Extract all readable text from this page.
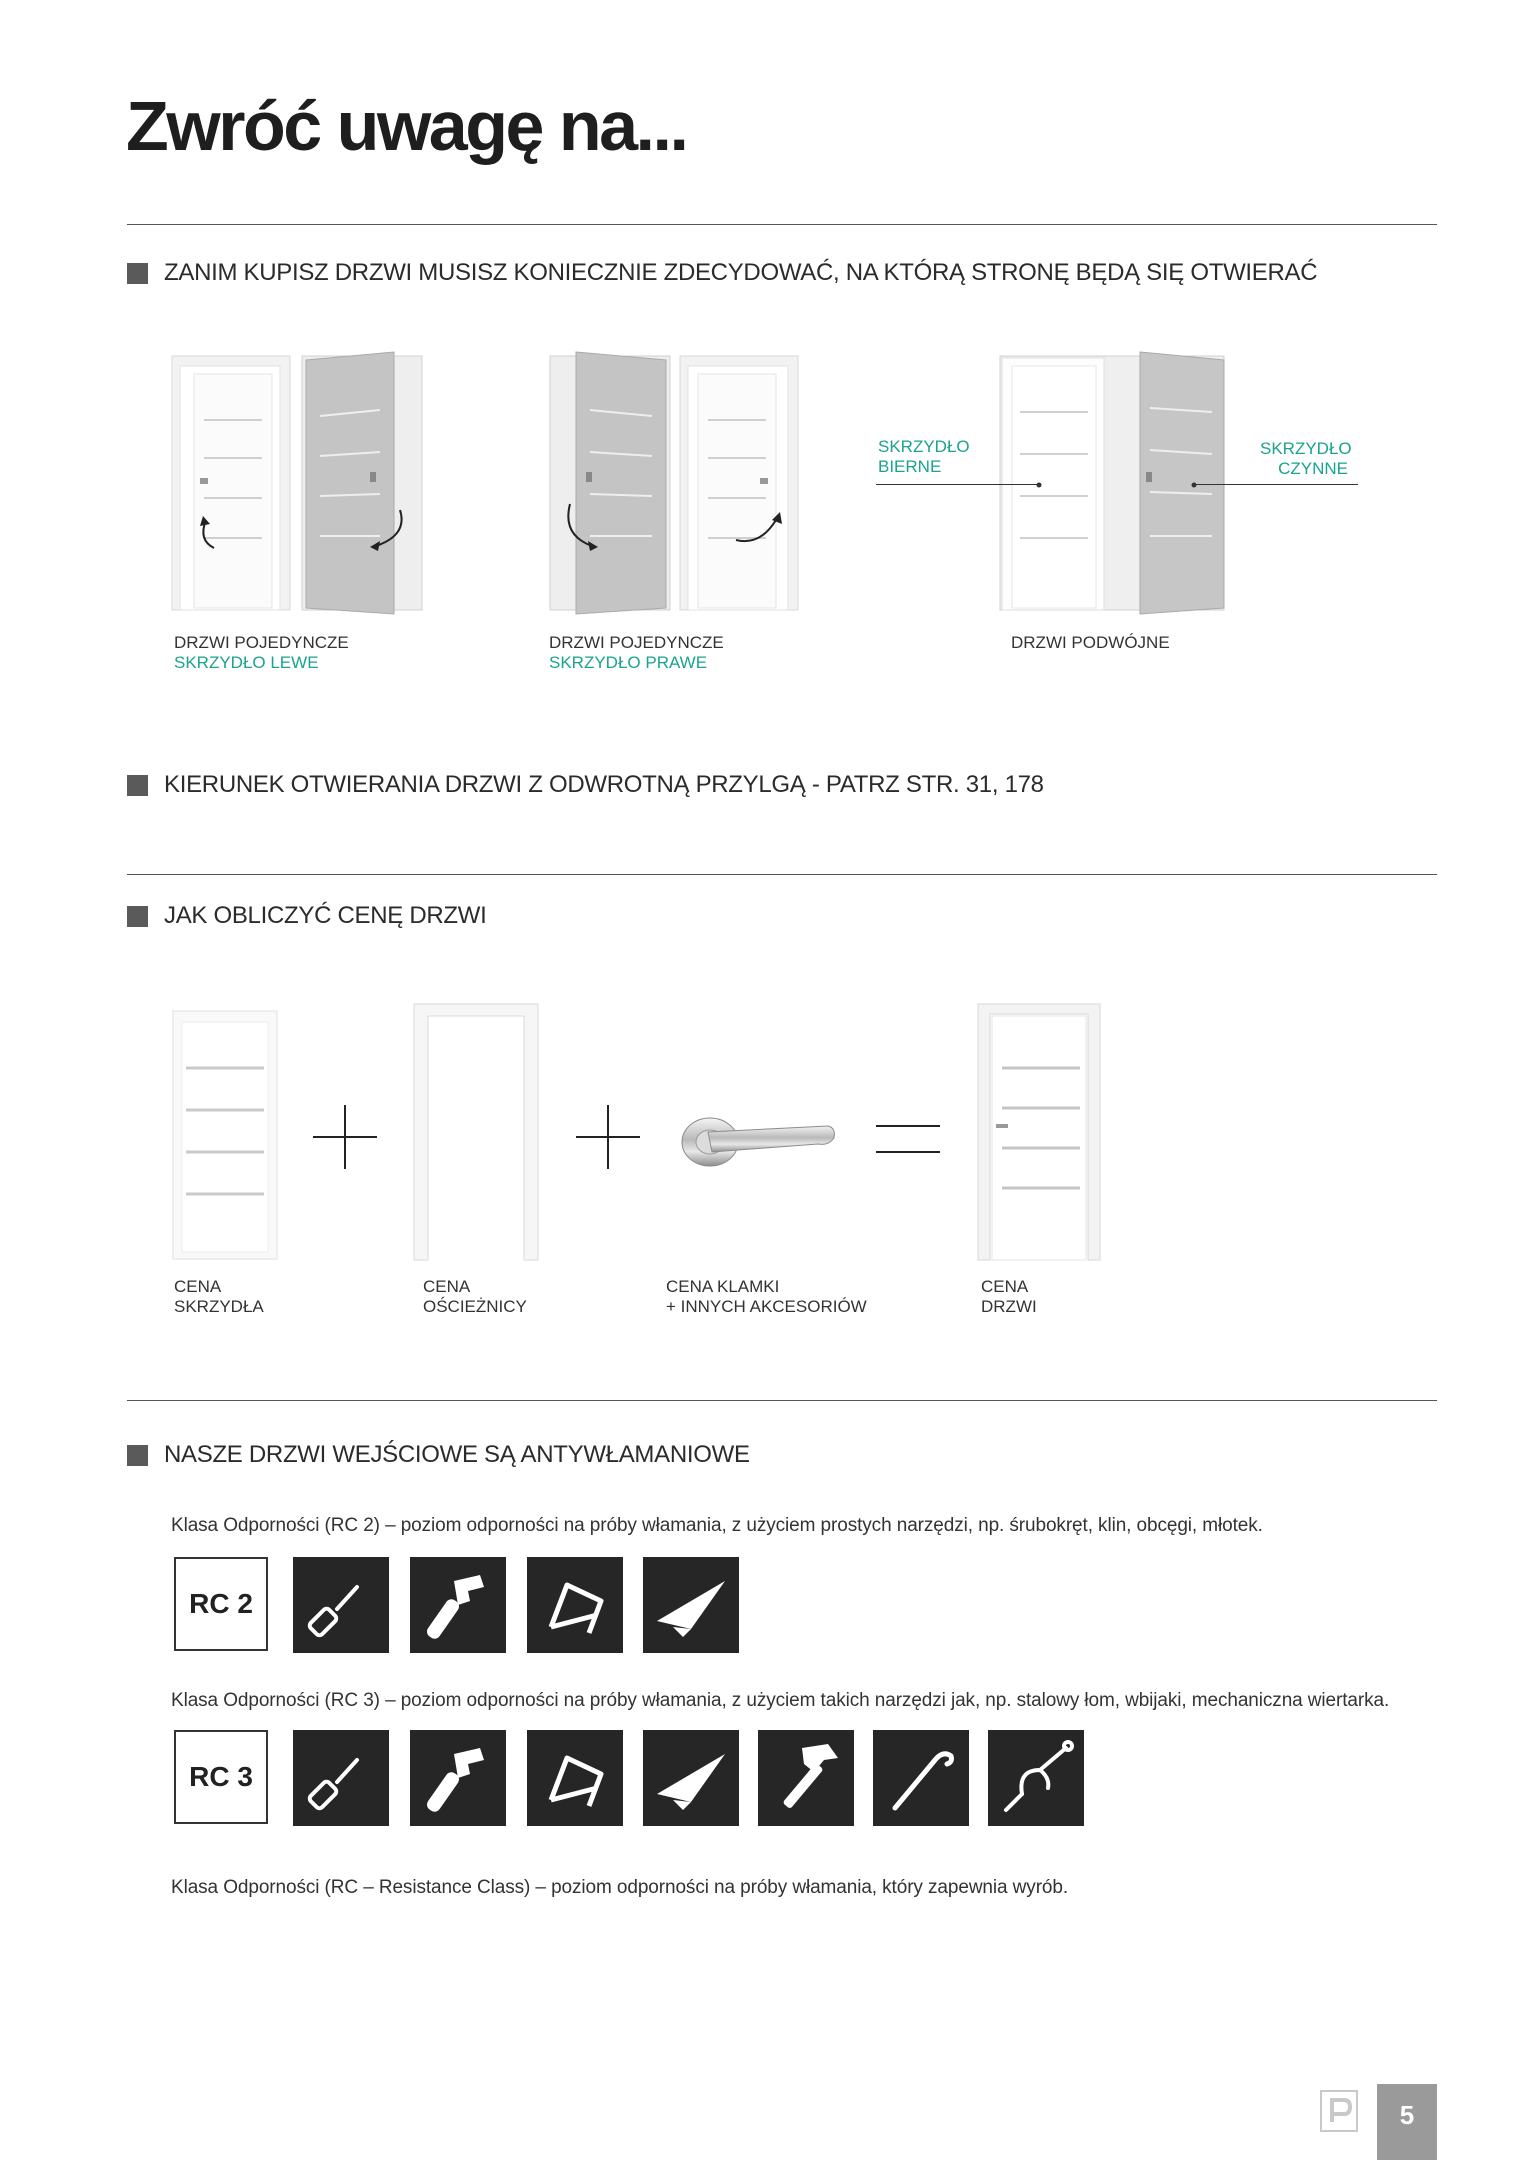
Zwróć uwagę na...
ZANIM KUPISZ DRZWI MUSISZ KONIECZNIE ZDECYDOWAĆ, NA KTÓRĄ STRONĘ BĘDĄ SIĘ OTWIERAĆ
SKRZYDŁO
BIERNE
SKRZYDŁO
CZYNNE
DRZWI POJEDYNCZE
SKRZYDŁO LEWE
DRZWI POJEDYNCZE
SKRZYDŁO PRAWE
DRZWI PODWÓJNE
KIERUNEK OTWIERANIA DRZWI Z ODWROTNĄ PRZYLGĄ - PATRZ STR. 31, 178
JAK OBLICZYĆ CENĘ DRZWI
CENA
SKRZYDŁA
CENA
OŚCIEŻNICY
CENA KLAMKI
+ INNYCH AKCESORIÓW
CENA
DRZWI
NASZE DRZWI WEJŚCIOWE SĄ ANTYWŁAMANIOWE
Klasa Odporności (RC 2) – poziom odporności na próby włamania, z użyciem prostych narzędzi, np. śrubokręt, klin, obcęgi, młotek.
RC 2
Klasa Odporności (RC 3) – poziom odporności na próby włamania, z użyciem takich narzędzi jak, np. stalowy łom, wbijaki, mechaniczna wiertarka.
RC 3
Klasa Odporności (RC – Resistance Class) – poziom odporności na próby włamania, który zapewnia wyrób.
5
